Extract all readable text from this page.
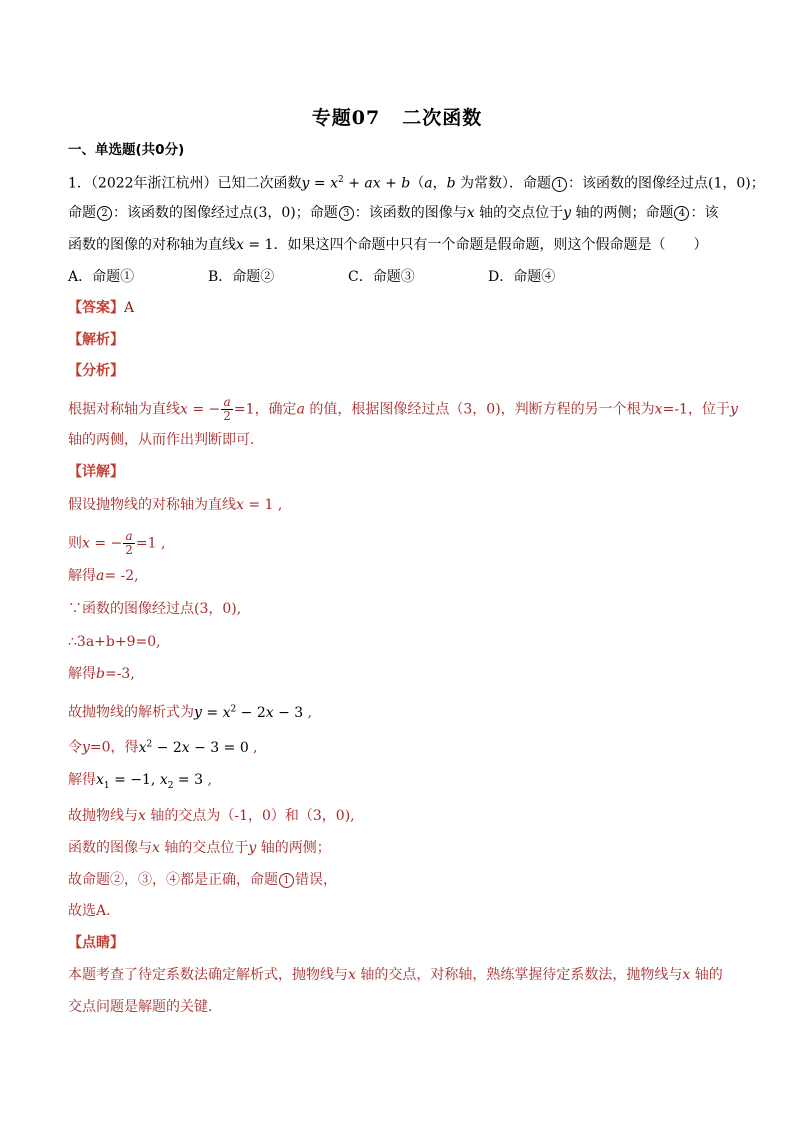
专题07 二次函数
一、单选题(共0分)
1．（2022年浙江杭州）已知二次函数$y = x^2$ + ax + b（a，b 为常数）．命题 1 ：该函数的图像经过点(1，0)；
命题 2 ：该函数的图像经过点(3，0)；命题 3 ：该函数的图像与x 轴的交点位于y 轴的两侧；命题 4 ：该
函数的图像的对称轴为直线x = 1．如果这四个命题中只有一个命题是假命题，则这个假命题是（　　）
A．命题①	B．命题②	C．命题③	D．命题④
【答案】A
【解析】
【分析】
根据对称轴为直线x = − $\frac{a}{2} =1$，确定a 的值，根据图像经过点（3，0)，判断方程的另一个根为x=-1，位于y
轴的两侧，从而作出判断即可．
【详解】
假设抛物线的对称轴为直线x = 1 ,
则x = − $\frac{a}{2} =1$ ,
解得a= -2,
∵函数的图像经过点(3，0),
∴3a+b+9=0,
解得b=-3,
故抛物线的解析式为$y = x^2 - 2x - 3$ ,
令y=0，得$x^2 - 2x - 3 = 0$ ,
解得$x_1 = -1$, $x_2 = 3$ ,
故抛物线与x 轴的交点为（-1，0）和（3，0),
函数的图像与x 轴的交点位于y 轴的两侧；
故命题②，③，④都是正确，命题 1 错误，
故选A．
【点睛】
本题考查了待定系数法确定解析式，抛物线与x 轴的交点，对称轴，熟练掌握待定系数法，抛物线与x 轴的
交点问题是解题的关键．
